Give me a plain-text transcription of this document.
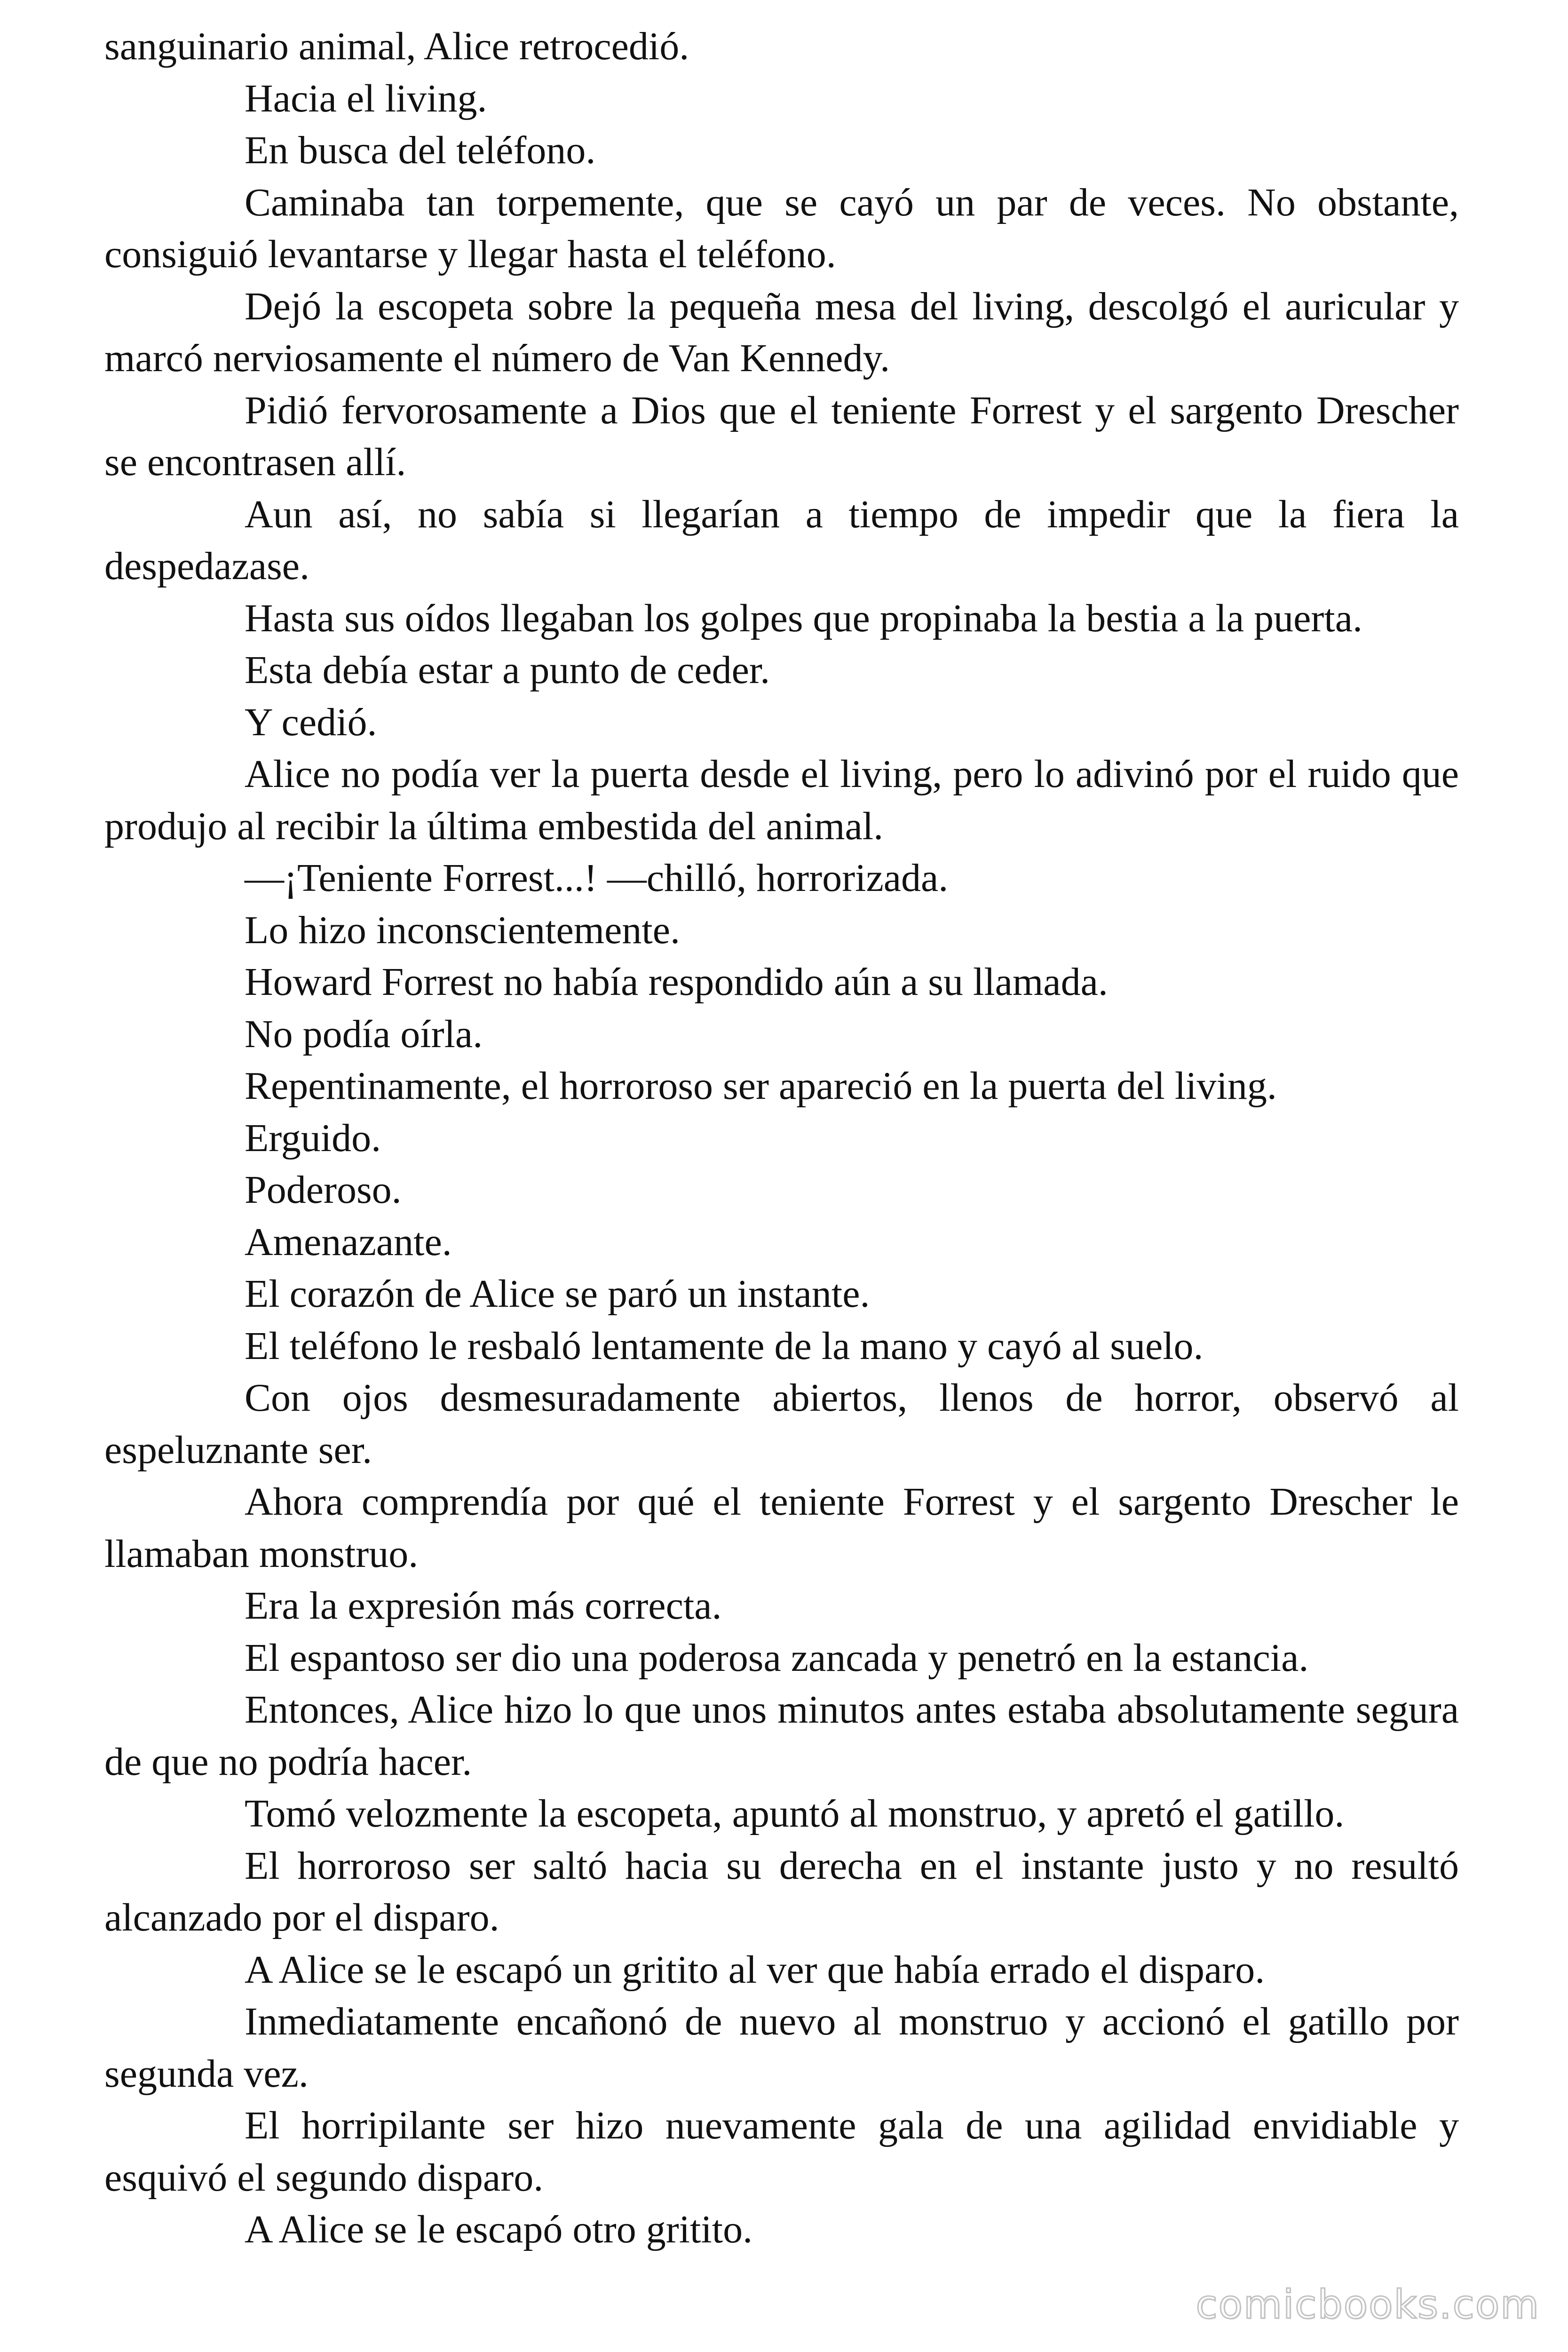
sanguinario animal, Alice retrocedió.

Hacia el living.

En busca del teléfono.

Caminaba tan torpemente, que se cayó un par de veces. No obstante, consiguió levantarse y llegar hasta el teléfono.

Dejó la escopeta sobre la pequeña mesa del living, descolgó el auricular y marcó nerviosamente el número de Van Kennedy.

Pidió fervorosamente a Dios que el teniente Forrest y el sargento Drescher se encontrasen allí.

Aun así, no sabía si llegarían a tiempo de impedir que la fiera la despedazase.

Hasta sus oídos llegaban los golpes que propinaba la bestia a la puerta.

Esta debía estar a punto de ceder.

Y cedió.

Alice no podía ver la puerta desde el living, pero lo adivinó por el ruido que produjo al recibir la última embestida del animal.

—¡Teniente Forrest...! —chilló, horrorizada.

Lo hizo inconscientemente.

Howard Forrest no había respondido aún a su llamada.

No podía oírla.

Repentinamente, el horroroso ser apareció en la puerta del living.

Erguido.

Poderoso.

Amenazante.

El corazón de Alice se paró un instante.

El teléfono le resbaló lentamente de la mano y cayó al suelo.

Con ojos desmesuradamente abiertos, llenos de horror, observó al espeluznante ser.

Ahora comprendía por qué el teniente Forrest y el sargento Drescher le llamaban monstruo.

Era la expresión más correcta.

El espantoso ser dio una poderosa zancada y penetró en la estancia.

Entonces, Alice hizo lo que unos minutos antes estaba absolutamente segura de que no podría hacer.

Tomó velozmente la escopeta, apuntó al monstruo, y apretó el gatillo.

El horroroso ser saltó hacia su derecha en el instante justo y no resultó alcanzado por el disparo.

A Alice se le escapó un gritito al ver que había errado el disparo.

Inmediatamente encañonó de nuevo al monstruo y accionó el gatillo por segunda vez.

El horripilante ser hizo nuevamente gala de una agilidad envidiable y esquivó el segundo disparo.

A Alice se le escapó otro gritito.

comicbooks.com
